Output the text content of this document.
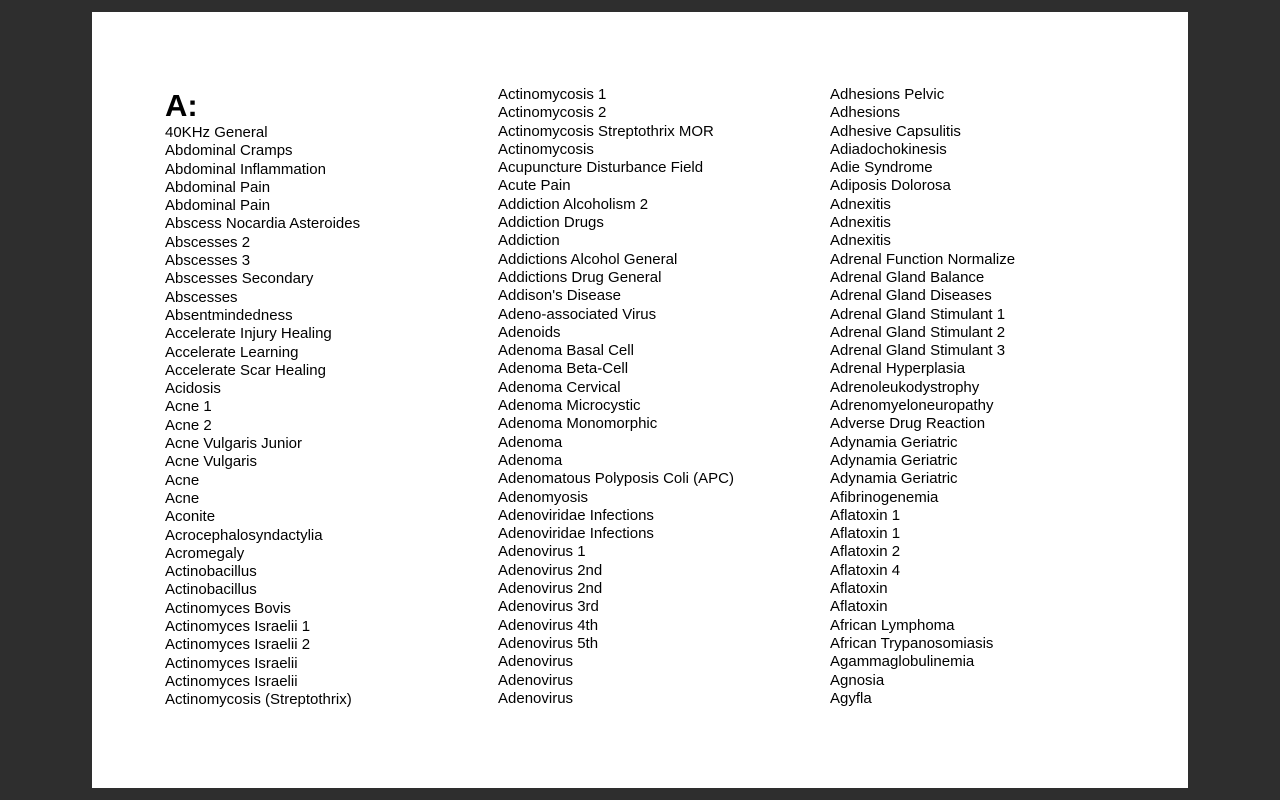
A:
40KHz General
Abdominal Cramps
Abdominal Inflammation
Abdominal Pain
Abdominal Pain
Abscess Nocardia Asteroides
Abscesses 2
Abscesses 3
Abscesses Secondary
Abscesses
Absentmindedness
Accelerate Injury Healing
Accelerate Learning
Accelerate Scar Healing
Acidosis
Acne 1
Acne 2
Acne Vulgaris Junior
Acne Vulgaris
Acne
Acne
Aconite
Acrocephalosyndactylia
Acromegaly
Actinobacillus
Actinobacillus
Actinomyces Bovis
Actinomyces Israelii 1
Actinomyces Israelii 2
Actinomyces Israelii
Actinomyces Israelii
Actinomycosis (Streptothrix)
Actinomycosis 1
Actinomycosis 2
Actinomycosis Streptothrix MOR
Actinomycosis
Acupuncture Disturbance Field
Acute Pain
Addiction Alcoholism 2
Addiction Drugs
Addiction
Addictions Alcohol General
Addictions Drug General
Addison's Disease
Adeno-associated Virus
Adenoids
Adenoma Basal Cell
Adenoma Beta-Cell
Adenoma Cervical
Adenoma Microcystic
Adenoma Monomorphic
Adenoma
Adenoma
Adenomatous Polyposis Coli (APC)
Adenomyosis
Adenoviridae Infections
Adenoviridae Infections
Adenovirus 1
Adenovirus 2nd
Adenovirus 2nd
Adenovirus 3rd
Adenovirus 4th
Adenovirus 5th
Adenovirus
Adenovirus
Adenovirus
Adhesions Pelvic
Adhesions
Adhesive Capsulitis
Adiadochokinesis
Adie Syndrome
Adiposis Dolorosa
Adnexitis
Adnexitis
Adnexitis
Adrenal Function Normalize
Adrenal Gland Balance
Adrenal Gland Diseases
Adrenal Gland Stimulant 1
Adrenal Gland Stimulant 2
Adrenal Gland Stimulant 3
Adrenal Hyperplasia
Adrenoleukodystrophy
Adrenomyeloneuropathy
Adverse Drug Reaction
Adynamia Geriatric
Adynamia Geriatric
Adynamia Geriatric
Afibrinogenemia
Aflatoxin 1
Aflatoxin 1
Aflatoxin 2
Aflatoxin 4
Aflatoxin
Aflatoxin
African Lymphoma
African Trypanosomiasis
Agammaglobulinemia
Agnosia
Agyfla
